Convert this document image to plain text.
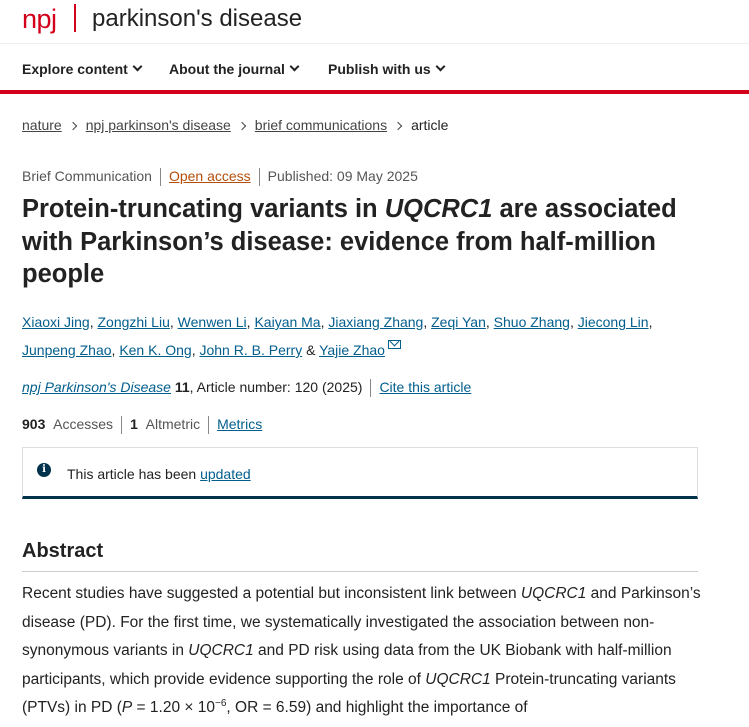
npj parkinson's disease
Explore content	About the journal	Publish with us
nature npj parkinson's disease brief communications article
Brief Communication Open access Published: 09 May 2025
Protein-truncating variants in UQCRC1 are associated with Parkinson’s disease: evidence from half-million people
Xiaoxi Jing, Zongzhi Liu, Wenwen Li, Kaiyan Ma, Jiaxiang Zhang, Zeqi Yan, Shuo Zhang, Jiecong Lin,
Junpeng Zhao, Ken K. Ong, John R. B. Perry & Yajie Zhao
npj Parkinson's Disease 11, Article number: 120 (2025) Cite this article
903 Accesses 1 Altmetric Metrics
i	This article has been updated
Abstract

Recent studies have suggested a potential but inconsistent link between UQCRC1 and Parkinson’s disease (PD). For the first time, we systematically investigated the association between non-synonymous variants in UQCRC1 and PD risk using data from the UK Biobank with half-million participants, which provide evidence supporting the role of UQCRC1 Protein-truncating variants (PTVs) in PD ($P = 1.20 \times 10^{-6}$, OR = 6.59) and highlight the importance of
